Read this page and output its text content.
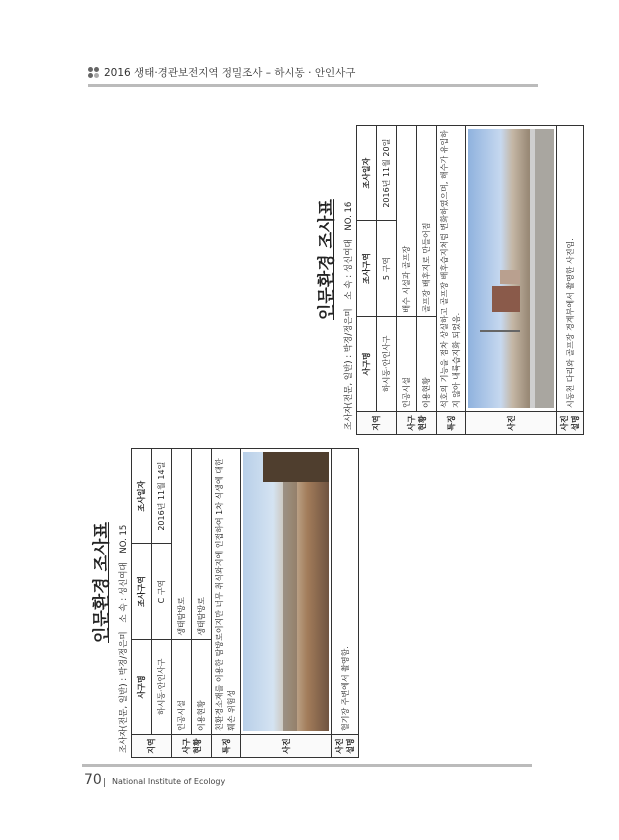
2016 생태·경관보전지역 정밀조사 – 하시동 · 안인사구
인문환경 조사표
조사자(전문, 일반) : 박경/정은미 소 속 : 성신여대 NO. 15
지역	사구명	조사구역	조사일자
	하시동·안인사구	C 구역	2016년 11월 14일
사구 현황	인공시설	생태탐방로	
	이용현황	생태탐방로	
특징	친환경소재를 이용한 탐방로이지만 너무 취식와지에 인접하여 1차 식생에 대한 훼손 위험성		
사진			

사진 설명	혈기장 주변에서 촬영함.		
인문환경 조사표
조사자(전문, 일반) : 박경/정은미 소 속 : 성신여대 NO. 16
지역	사구명	조사구역	조사일자
	하시동·안인사구	5 구역	2016년 11월 20일
사구 현황	인공시설	배수 시설과 골프장	
	이용현황	골프장 배후지로 만들어짐	
특징	석호의 기능을 점차 상실하고 골프장 배후습지처럼 변화하였으며, 해수가 유입하지 않아 내륙습지화 되었음.		
사진			

사진 설명	시동천 다리와 골프장 경계부에서 촬영한 사진임.		
70 National Institute of Ecology
